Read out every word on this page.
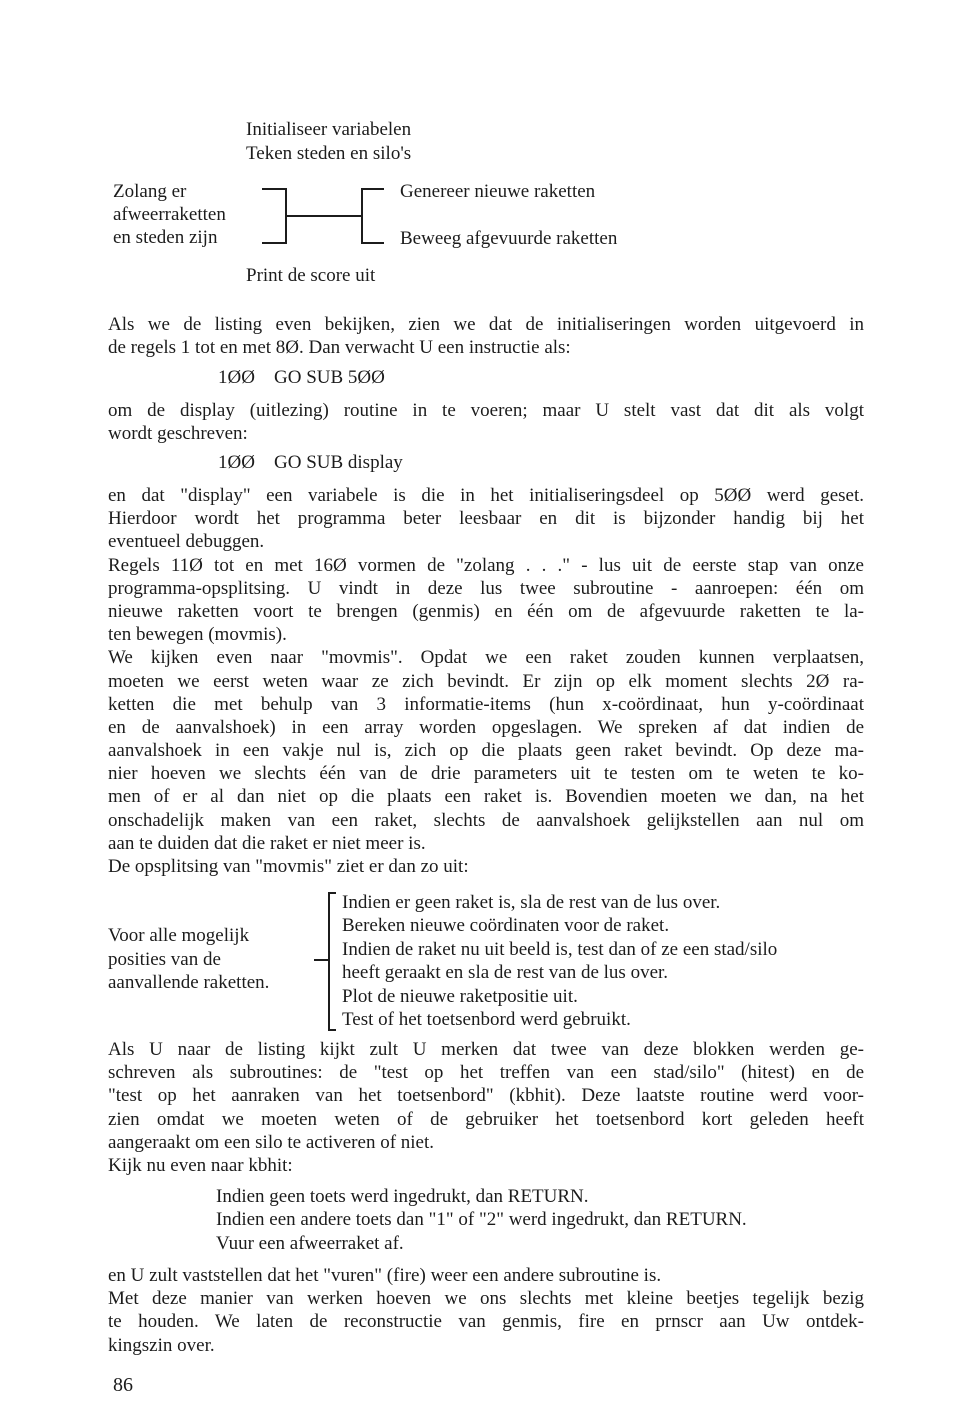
Initialiseer variabelen
Teken steden en silo's
Zolang er
afweerraketten
en steden zijn
Genereer nieuwe raketten
Beweeg afgevuurde raketten
Print de score uit
Als we de listing even bekijken, zien we dat de initialiseringen worden uitgevoerd in
de regels 1 tot en met 8Ø. Dan verwacht U een instructie als:
1ØØ GO SUB 5ØØ
om de display (uitlezing) routine in te voeren; maar U stelt vast dat dit als volgt
wordt geschreven:
1ØØ GO SUB display
en dat "display" een variabele is die in het initialiseringsdeel op 5ØØ werd geset.
Hierdoor wordt het programma beter leesbaar en dit is bijzonder handig bij het
eventueel debuggen.
Regels 11Ø tot en met 16Ø vormen de "zolang . . ." - lus uit de eerste stap van onze
programma-opsplitsing. U vindt in deze lus twee subroutine - aanroepen: één om
nieuwe raketten voort te brengen (genmis) en één om de afgevuurde raketten te la-
ten bewegen (movmis).
We kijken even naar "movmis". Opdat we een raket zouden kunnen verplaatsen,
moeten we eerst weten waar ze zich bevindt. Er zijn op elk moment slechts 2Ø ra-
ketten die met behulp van 3 informatie-items (hun x-coördinaat, hun y-coördinaat
en de aanvalshoek) in een array worden opgeslagen. We spreken af dat indien de
aanvalshoek in een vakje nul is, zich op die plaats geen raket bevindt. Op deze ma-
nier hoeven we slechts één van de drie parameters uit te testen om te weten te ko-
men of er al dan niet op die plaats een raket is. Bovendien moeten we dan, na het
onschadelijk maken van een raket, slechts de aanvalshoek gelijkstellen aan nul om
aan te duiden dat die raket er niet meer is.
De opsplitsing van "movmis" ziet er dan zo uit:
Voor alle mogelijk
posities van de
aanvallende raketten.
Indien er geen raket is, sla de rest van de lus over.
Bereken nieuwe coördinaten voor de raket.
Indien de raket nu uit beeld is, test dan of ze een stad/silo
heeft geraakt en sla de rest van de lus over.
Plot de nieuwe raketpositie uit.
Test of het toetsenbord werd gebruikt.
Als U naar de listing kijkt zult U merken dat twee van deze blokken werden ge-
schreven als subroutines: de "test op het treffen van een stad/silo" (hitest) en de
"test op het aanraken van het toetsenbord" (kbhit). Deze laatste routine werd voor-
zien omdat we moeten weten of de gebruiker het toetsenbord kort geleden heeft
aangeraakt om een silo te activeren of niet.
Kijk nu even naar kbhit:
Indien geen toets werd ingedrukt, dan RETURN.
Indien een andere toets dan "1" of "2" werd ingedrukt, dan RETURN.
Vuur een afweerraket af.
en U zult vaststellen dat het "vuren" (fire) weer een andere subroutine is.
Met deze manier van werken hoeven we ons slechts met kleine beetjes tegelijk bezig
te houden. We laten de reconstructie van genmis, fire en prnscr aan Uw ontdek-
kingszin over.
86
